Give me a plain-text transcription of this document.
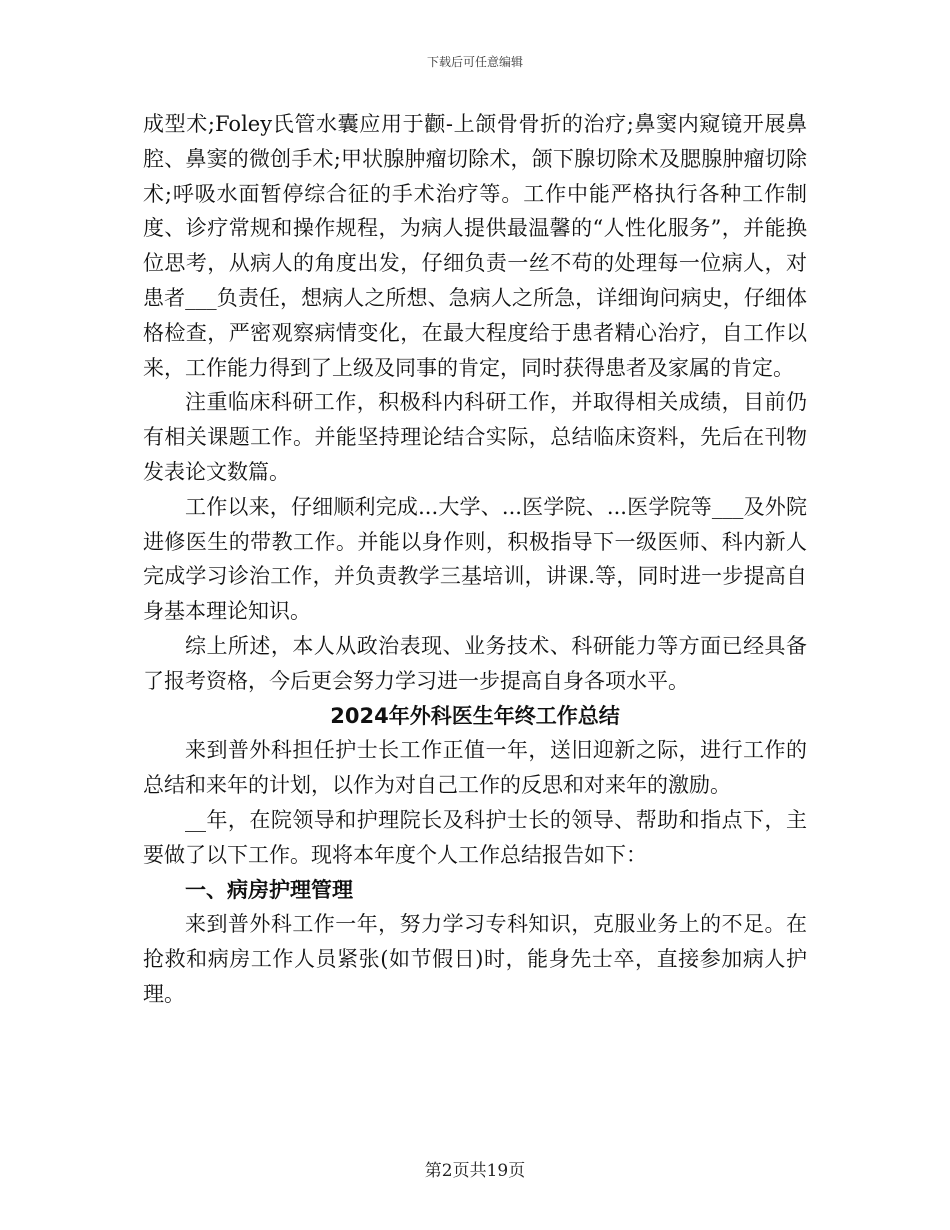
下载后可任意编辑

成型术;Foley氏管水囊应用于颧-上颌骨骨折的治疗;鼻窦内窥镜开展鼻腔、鼻窦的微创手术;甲状腺肿瘤切除术，颌下腺切除术及腮腺肿瘤切除术;呼吸水面暂停综合征的手术治疗等。工作中能严格执行各种工作制度、诊疗常规和操作规程，为病人提供最温馨的“人性化服务”，并能换位思考，从病人的角度出发，仔细负责一丝不苟的处理每一位病人，对患者___负责任，想病人之所想、急病人之所急，详细询问病史，仔细体格检查，严密观察病情变化，在最大程度给于患者精心治疗，自工作以来，工作能力得到了上级及同事的肯定，同时获得患者及家属的肯定。

注重临床科研工作，积极科内科研工作，并取得相关成绩，目前仍有相关课题工作。并能坚持理论结合实际，总结临床资料，先后在刊物发表论文数篇。

工作以来，仔细顺利完成...大学、...医学院、...医学院等___及外院进修医生的带教工作。并能以身作则，积极指导下一级医师、科内新人完成学习诊治工作，并负责教学三基培训，讲课.等，同时进一步提高自身基本理论知识。

综上所述，本人从政治表现、业务技术、科研能力等方面已经具备了报考资格，今后更会努力学习进一步提高自身各项水平。

2024年外科医生年终工作总结

来到普外科担任护士长工作正值一年，送旧迎新之际，进行工作的总结和来年的计划，以作为对自己工作的反思和对来年的激励。

__年，在院领导和护理院长及科护士长的领导、帮助和指点下，主要做了以下工作。现将本年度个人工作总结报告如下：

一、病房护理管理

来到普外科工作一年，努力学习专科知识，克服业务上的不足。在抢救和病房工作人员紧张(如节假日)时，能身先士卒，直接参加病人护理。

第2页共19页
